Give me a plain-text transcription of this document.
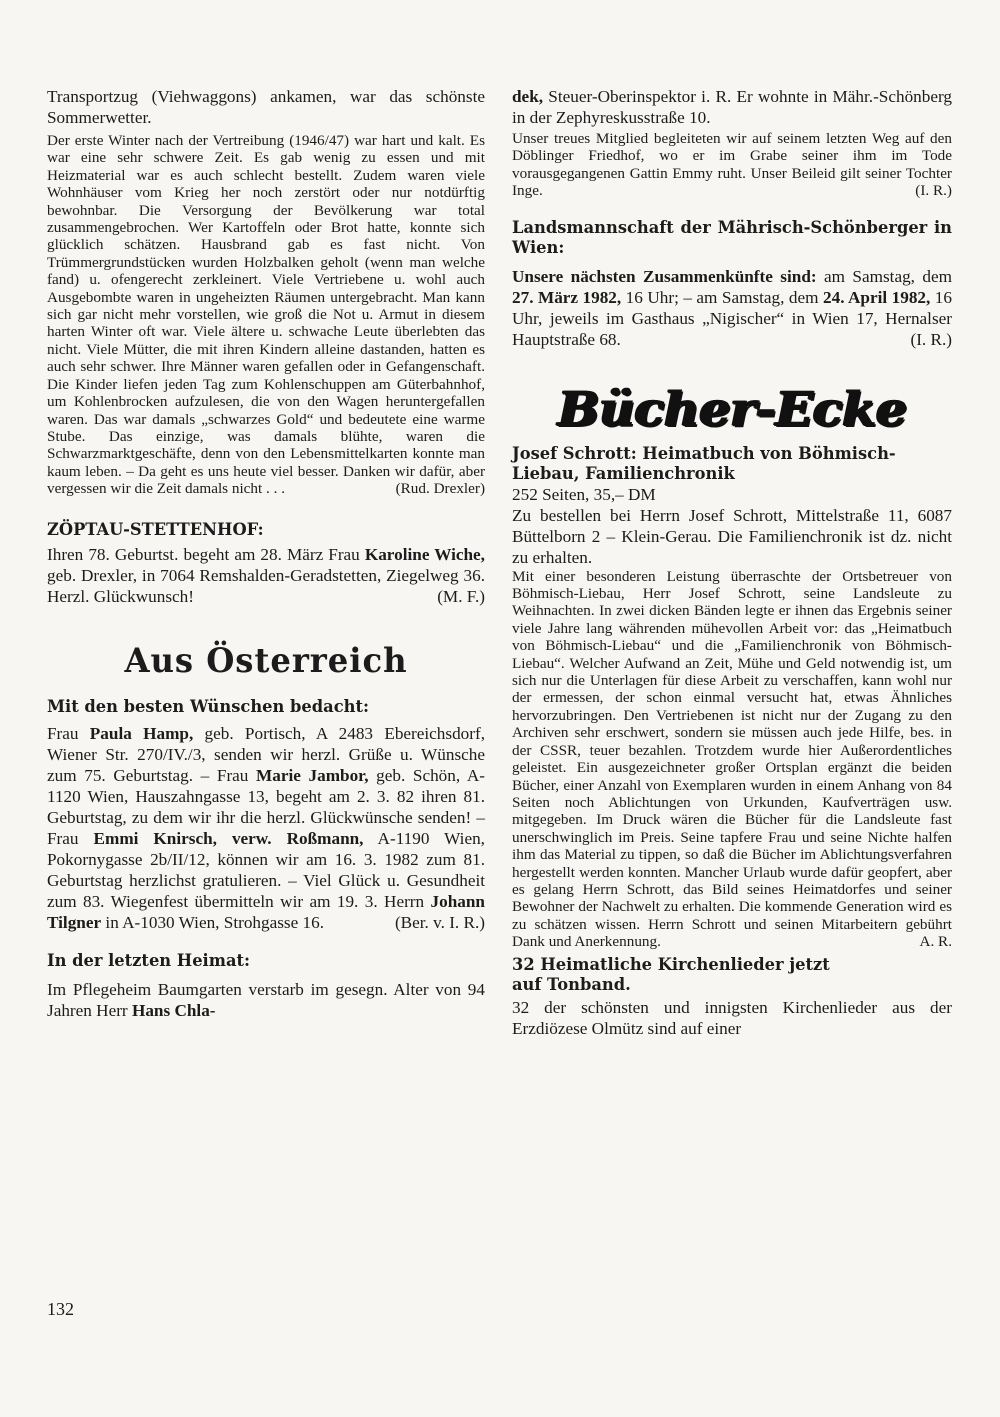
Transportzug (Viehwaggons) ankamen, war das schönste Sommerwetter.

Der erste Winter nach der Vertreibung (1946/47) war hart und kalt. Es war eine sehr schwere Zeit. Es gab wenig zu essen und mit Heizmaterial war es auch schlecht bestellt. Zudem waren viele Wohnhäuser vom Krieg her noch zerstört oder nur notdürftig bewohnbar. Die Versorgung der Bevölkerung war total zusammengebrochen. Wer Kartoffeln oder Brot hatte, konnte sich glücklich schätzen. Hausbrand gab es fast nicht. Von Trümmergrundstücken wurden Holzbalken geholt (wenn man welche fand) u. ofengerecht zerkleinert. Viele Vertriebene u. wohl auch Ausgebombte waren in ungeheizten Räumen untergebracht. Man kann sich gar nicht mehr vorstellen, wie groß die Not u. Armut in diesem harten Winter oft war. Viele ältere u. schwache Leute überlebten das nicht. Viele Mütter, die mit ihren Kindern alleine dastanden, hatten es auch sehr schwer. Ihre Männer waren gefallen oder in Gefangenschaft. Die Kinder liefen jeden Tag zum Kohlenschuppen am Güterbahnhof, um Kohlenbrocken aufzulesen, die von den Wagen heruntergefallen waren. Das war damals „schwarzes Gold“ und bedeutete eine warme Stube. Das einzige, was damals blühte, waren die Schwarzmarktgeschäfte, denn von den Lebensmittelkarten konnte man kaum leben. – Da geht es uns heute viel besser. Danken wir dafür, aber vergessen wir die Zeit damals nicht . . .	(Rud. Drexler)

ZÖPTAU-STETTENHOF:

Ihren 78. Geburtst. begeht am 28. März Frau Karoline Wiche, geb. Drexler, in 7064 Remshalden-Geradstetten, Ziegelweg 36. Herzl. Glückwunsch!	(M. F.)

Aus Österreich

Mit den besten Wünschen bedacht:

Frau Paula Hamp, geb. Portisch, A 2483 Ebereichsdorf, Wiener Str. 270/IV./3, senden wir herzl. Grüße u. Wünsche zum 75. Geburtstag. – Frau Marie Jambor, geb. Schön, A-1120 Wien, Hauszahngasse 13, begeht am 2. 3. 82 ihren 81. Geburtstag, zu dem wir ihr die herzl. Glückwünsche senden! – Frau Emmi Knirsch, verw. Roßmann, A-1190 Wien, Pokornygasse 2b/II/12, können wir am 16. 3. 1982 zum 81. Geburtstag herzlichst gratulieren. – Viel Glück u. Gesundheit zum 83. Wiegenfest übermitteln wir am 19. 3. Herrn Johann Tilgner in A-1030 Wien, Strohgasse 16.	(Ber. v. I. R.)

In der letzten Heimat:

Im Pflegeheim Baumgarten verstarb im gesegn. Alter von 94 Jahren Herr Hans Chla-

dek, Steuer-Oberinspektor i. R. Er wohnte in Mähr.-Schönberg in der Zephyreskusstraße 10.

Unser treues Mitglied begleiteten wir auf seinem letzten Weg auf den Döblinger Friedhof, wo er im Grabe seiner ihm im Tode vorausgegangenen Gattin Emmy ruht. Unser Beileid gilt seiner Tochter Inge.	(I. R.)

Landsmannschaft der Mährisch-Schönberger in Wien:

Unsere nächsten Zusammenkünfte sind: am Samstag, dem 27. März 1982, 16 Uhr; – am Samstag, dem 24. April 1982, 16 Uhr, jeweils im Gasthaus „Nigischer“ in Wien 17, Hernalser Hauptstraße 68.	(I. R.)

Bücher-Ecke

Josef Schrott: Heimatbuch von Böhmisch-Liebau, Familienchronik

252 Seiten, 35,– DM

Zu bestellen bei Herrn Josef Schrott, Mittelstraße 11, 6087 Büttelborn 2 – Klein-Gerau. Die Familienchronik ist dz. nicht zu erhalten.

Mit einer besonderen Leistung überraschte der Ortsbetreuer von Böhmisch-Liebau, Herr Josef Schrott, seine Landsleute zu Weihnachten. In zwei dicken Bänden legte er ihnen das Ergebnis seiner viele Jahre lang währenden mühevollen Arbeit vor: das „Heimatbuch von Böhmisch-Liebau“ und die „Familienchronik von Böhmisch-Liebau“. Welcher Aufwand an Zeit, Mühe und Geld notwendig ist, um sich nur die Unterlagen für diese Arbeit zu verschaffen, kann wohl nur der ermessen, der schon einmal versucht hat, etwas Ähnliches hervorzubringen. Den Vertriebenen ist nicht nur der Zugang zu den Archiven sehr erschwert, sondern sie müssen auch jede Hilfe, bes. in der CSSR, teuer bezahlen. Trotzdem wurde hier Außerordentliches geleistet. Ein ausgezeichneter großer Ortsplan ergänzt die beiden Bücher, einer Anzahl von Exemplaren wurden in einem Anhang von 84 Seiten noch Ablichtungen von Urkunden, Kaufverträgen usw. mitgegeben. Im Druck wären die Bücher für die Landsleute fast unerschwinglich im Preis. Seine tapfere Frau und seine Nichte halfen ihm das Material zu tippen, so daß die Bücher im Ablichtungsverfahren hergestellt werden konnten. Mancher Urlaub wurde dafür geopfert, aber es gelang Herrn Schrott, das Bild seines Heimatdorfes und seiner Bewohner der Nachwelt zu erhalten. Die kommende Generation wird es zu schätzen wissen. Herrn Schrott und seinen Mitarbeitern gebührt Dank und Anerkennung.	A. R.

32 Heimatliche Kirchenlieder jetzt auf Tonband.

32 der schönsten und innigsten Kirchenlieder aus der Erzdiözese Olmütz sind auf einer

132
